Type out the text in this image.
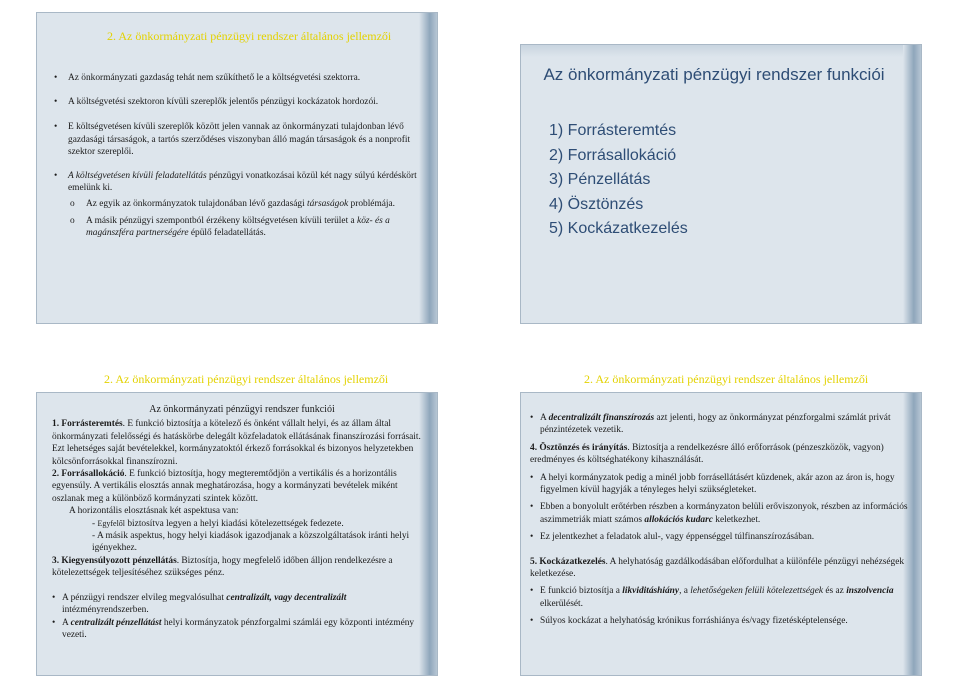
2. Az önkormányzati pénzügyi rendszer általános jellemzői

• Az önkormányzati gazdaság tehát nem szűkíthető le a költségvetési szektorra.

• A költségvetési szektoron kívüli szereplők jelentős pénzügyi kockázatok hordozói.

• E költségvetésen kívüli szereplők között jelen vannak az önkormányzati tulajdonban lévő gazdasági társaságok, a tartós szerződéses viszonyban álló magán társaságok és a nonprofit szektor szereplői.

• A költségvetésen kívüli feladatellátás pénzügyi vonatkozásai közül két nagy súlyú kérdéskört emelünk ki.

o Az egyik az önkormányzatok tulajdonában lévő gazdasági társaságok problémája.

o A másik pénzügyi szempontból érzékeny költségvetésen kívüli terület a köz- és a magánszféra partnerségére épülő feladatellátás.

Az önkormányzati pénzügyi rendszer funkciói
1) Forrásteremtés
2) Forrásallokáció
3) Pénzellátás
4) Ösztönzés
5) Kockázatkezelés
2. Az önkormányzati pénzügyi rendszer általános jellemzői
Az önkormányzati pénzügyi rendszer funkciói
1. Forrásteremtés. E funkció biztosítja a kötelező és önként vállalt helyi, és az állam által önkormányzati felelősségi és hatáskörbe delegált közfeladatok ellátásának finanszírozási forrásait. Ezt lehetséges saját bevételekkel, kormányzatoktól érkező forrásokkal és bizonyos helyzetekben kölcsönforrásokkal finanszírozni.
2. Forrásallokáció. E funkció biztosítja, hogy megteremtődjön a vertikális és a horizontális egyensúly. A vertikális elosztás annak meghatározása, hogy a kormányzati bevételek miként oszlanak meg a különböző kormányzati szintek között.
A horizontális elosztásnak két aspektusa van:
- Egyfelől biztosítva legyen a helyi kiadási kötelezettségek fedezete.
- A másik aspektus, hogy helyi kiadások igazodjanak a közszolgáltatások iránti helyi igényekhez.
3. Kiegyensúlyozott pénzellátás. Biztosítja, hogy megfelelő időben álljon rendelkezésre a kötelezettségek teljesítéséhez szükséges pénz.
• A pénzügyi rendszer elvileg megvalósulhat centralizált, vagy decentralizált intézményrendszerben.
• A centralizált pénzellátást helyi kormányzatok pénzforgalmi számlái egy központi intézmény vezeti.
2. Az önkormányzati pénzügyi rendszer általános jellemzői
• A decentralizált finanszírozás azt jelenti, hogy az önkormányzat pénzforgalmi számlát privát pénzintézetek vezetik.
4. Ösztönzés és irányítás. Biztosítja a rendelkezésre álló erőforrások (pénzeszközök, vagyon) eredményes és költséghatékony kihasználását.
• A helyi kormányzatok pedig a minél jobb forrásellátásért küzdenek, akár azon az áron is, hogy figyelmen kívül hagyják a tényleges helyi szükségleteket.
• Ebben a bonyolult erőtérben részben a kormányzaton belüli erőviszonyok, részben az információs aszimmetriák miatt számos allokációs kudarc keletkezhet.
• Ez jelentkezhet a feladatok alul-, vagy éppenséggel túlfinanszírozásában.
5. Kockázatkezelés. A helyhatóság gazdálkodásában előfordulhat a különféle pénzügyi nehézségek keletkezése.
• E funkció biztosítja a likviditáshiány, a lehetőségeken felüli kötelezettségek és az inszolvencia elkerülését.
• Súlyos kockázat a helyhatóság krónikus forráshiánya és/vagy fizetésképtelensége.
